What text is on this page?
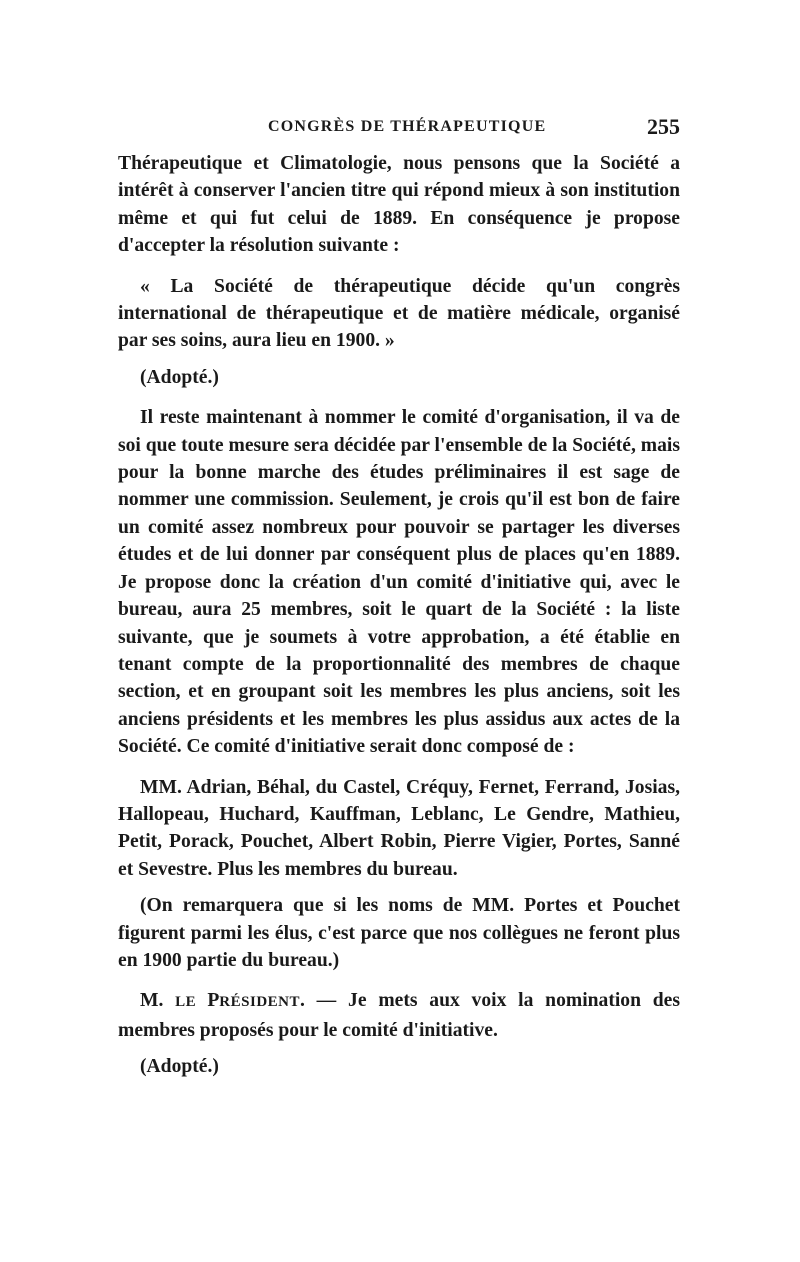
CONGRÈS DE THÉRAPEUTIQUE	255

Thérapeutique et Climatologie, nous pensons que la Société a intérêt à conserver l'ancien titre qui répond mieux à son institution même et qui fut celui de 1889. En conséquence je propose d'accepter la résolution suivante :

« La Société de thérapeutique décide qu'un congrès international de thérapeutique et de matière médicale, organisé par ses soins, aura lieu en 1900. »

(Adopté.)

Il reste maintenant à nommer le comité d'organisation, il va de soi que toute mesure sera décidée par l'ensemble de la Société, mais pour la bonne marche des études préliminaires il est sage de nommer une commission. Seulement, je crois qu'il est bon de faire un comité assez nombreux pour pouvoir se partager les diverses études et de lui donner par conséquent plus de places qu'en 1889. Je propose donc la création d'un comité d'initiative qui, avec le bureau, aura 25 membres, soit le quart de la Société : la liste suivante, que je soumets à votre approbation, a été établie en tenant compte de la proportionnalité des membres de chaque section, et en groupant soit les membres les plus anciens, soit les anciens présidents et les membres les plus assidus aux actes de la Société. Ce comité d'initiative serait donc composé de :

MM. Adrian, Béhal, du Castel, Créquy, Fernet, Ferrand, Josias, Hallopeau, Huchard, Kauffman, Leblanc, Le Gendre, Mathieu, Petit, Porack, Pouchet, Albert Robin, Pierre Vigier, Portes, Sanné et Sevestre. Plus les membres du bureau.

(On remarquera que si les noms de MM. Portes et Pouchet figurent parmi les élus, c'est parce que nos collègues ne feront plus en 1900 partie du bureau.)

M. LE PRÉSIDENT. — Je mets aux voix la nomination des membres proposés pour le comité d'initiative.

(Adopté.)
